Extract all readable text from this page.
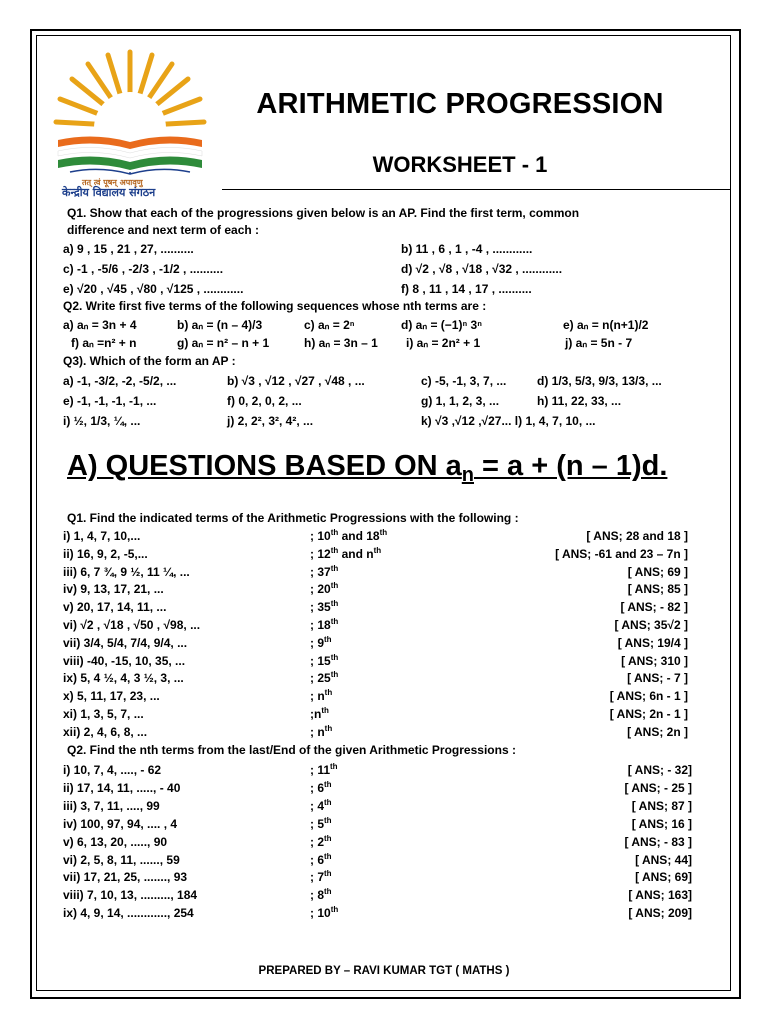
तत् त्वं पूषन् अपावृणु
केन्द्रीय विद्यालय संगठन
ARITHMETIC PROGRESSION
WORKSHEET - 1
Q1. Show that each of the progressions given below is an AP. Find the first term, common
difference and next term of each :
a) 9 , 15 , 21 , 27, ..........	b) 11 , 6 , 1 , -4 , ............
c) -1 , -5/6 , -2/3 , -1/2 , ..........	d) √2 , √8 , √18 , √32 , ............
e) √20 , √45 , √80 , √125 , ............	f) 8 , 11 , 14 , 17 , ..........
Q2. Write first five terms of the following sequences whose nth terms are :
a) aₙ = 3n + 4	b) aₙ = (n – 4)/3	c) aₙ = 2ⁿ	d) aₙ = (−1)ⁿ 3ⁿ	e) aₙ = n(n+1)/2
f) aₙ =n² + n	g) aₙ = n² – n + 1	h) aₙ = 3n – 1 i) aₙ = 2n² + 1	j) aₙ = 5n - 7
Q3). Which of the form an AP :
a) -1, -3/2, -2, -5/2, ...	b) √3 , √12 , √27 , √48 , ...	c) -5, -1, 3, 7, ...	d) 1/3, 5/3, 9/3, 13/3, ...
e) -1, -1, -1, -1, ...	f) 0, 2, 0, 2, ...	g) 1, 1, 2, 3, ...	h) 11, 22, 33, ...
i) ½, 1/3, ¼, ...	j) 2, 2², 3², 4², ...	k) √3 ,√12 ,√27... l) 1, 4, 7, 10, ...
A) QUESTIONS BASED ON $a_n = a + (n - 1)d$.
Q1. Find the indicated terms of the Arithmetic Progressions with the following :
i) 1, 4, 7, 10,...	; 10th and 18th	[ ANS; 28 and 18 ]
ii) 16, 9, 2, -5,...	; 12th and $n^{th}$	[ ANS; -61 and 23 – 7n ]
iii) 6, 7 ¾, 9 ½, 11 ¼, ...	; 37th	[ ANS; 69 ]
iv) 9, 13, 17, 21, ...	; 20th	[ ANS; 85 ]
v) 20, 17, 14, 11, ...	; 35th	[ ANS; - 82 ]
vi) √2 , √18 , √50 , √98, ...	; 18th	[ ANS; 35√2 ]
vii) 3/4, 5/4, 7/4, 9/4, ...	; 9th	[ ANS; 19/4 ]
viii) -40, -15, 10, 35, ...	; 15th	[ ANS; 310 ]
ix) 5, 4 ½, 4, 3 ½, 3, ...	; 25th	[ ANS; - 7 ]
x) 5, 11, 17, 23, ...	; $n^{th}$	[ ANS; 6n - 1 ]
xi) 1, 3, 5, 7, ...	$;n^{th}$	[ ANS; 2n - 1 ]
xii) 2, 4, 6, 8, ...	; $n^{th}$	[ ANS; 2n ]
Q2. Find the nth terms from the last/End of the given Arithmetic Progressions :
i) 10, 7, 4, ...., - 62	; 11th	[ ANS; - 32]
ii) 17, 14, 11, ....., - 40	; 6th	[ ANS; - 25 ]
iii) 3, 7, 11, ...., 99	; 4th	[ ANS; 87 ]
iv) 100, 97, 94, .... , 4	; 5th	[ ANS; 16 ]
v) 6, 13, 20, ....., 90	; 2th	[ ANS; - 83 ]
vi) 2, 5, 8, 11, ......, 59	; 6th	[ ANS; 44]
vii) 17, 21, 25, ......., 93	; 7th	[ ANS; 69]
viii) 7, 10, 13, ........., 184	; 8th	[ ANS; 163]
ix) 4, 9, 14, ............, 254	; 10th	[ ANS; 209]
PREPARED BY – RAVI KUMAR TGT ( MATHS )
